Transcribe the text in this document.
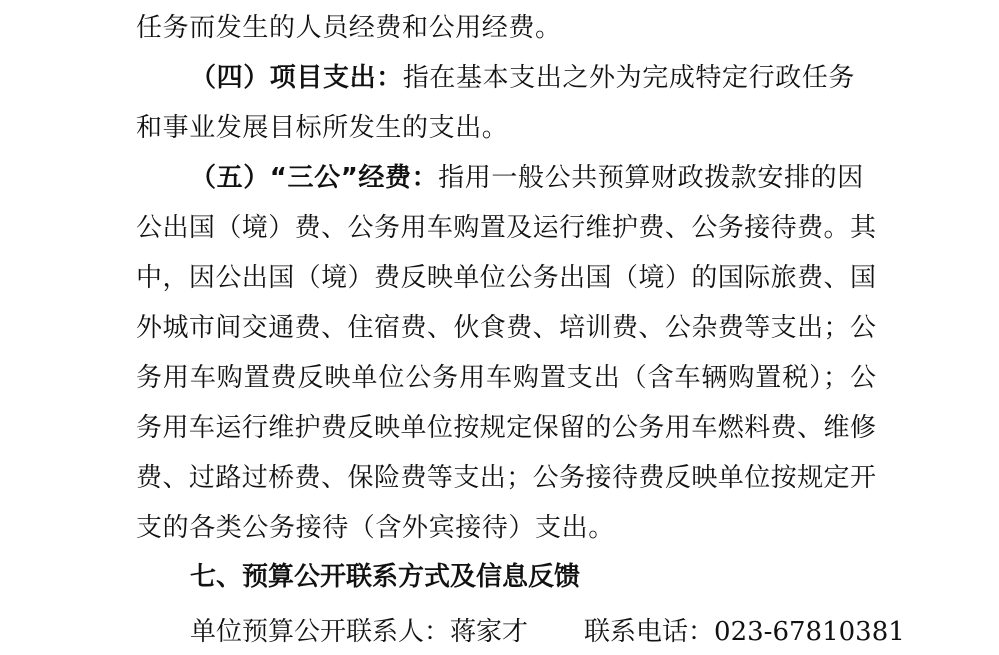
任务而发生的人员经费和公用经费。
（四）项目支出：指在基本支出之外为完成特定行政任务
和事业发展目标所发生的支出。
（五）“三公”经费：指用一般公共预算财政拨款安排的因
公出国（境）费、公务用车购置及运行维护费、公务接待费。其
中，因公出国（境）费反映单位公务出国（境）的国际旅费、国
外城市间交通费、住宿费、伙食费、培训费、公杂费等支出；公
务用车购置费反映单位公务用车购置支出（含车辆购置税）；公
务用车运行维护费反映单位按规定保留的公务用车燃料费、维修
费、过路过桥费、保险费等支出；公务接待费反映单位按规定开
支的各类公务接待（含外宾接待）支出。
七、预算公开联系方式及信息反馈
单位预算公开联系人：蒋家才 联系电话：023-67810381
